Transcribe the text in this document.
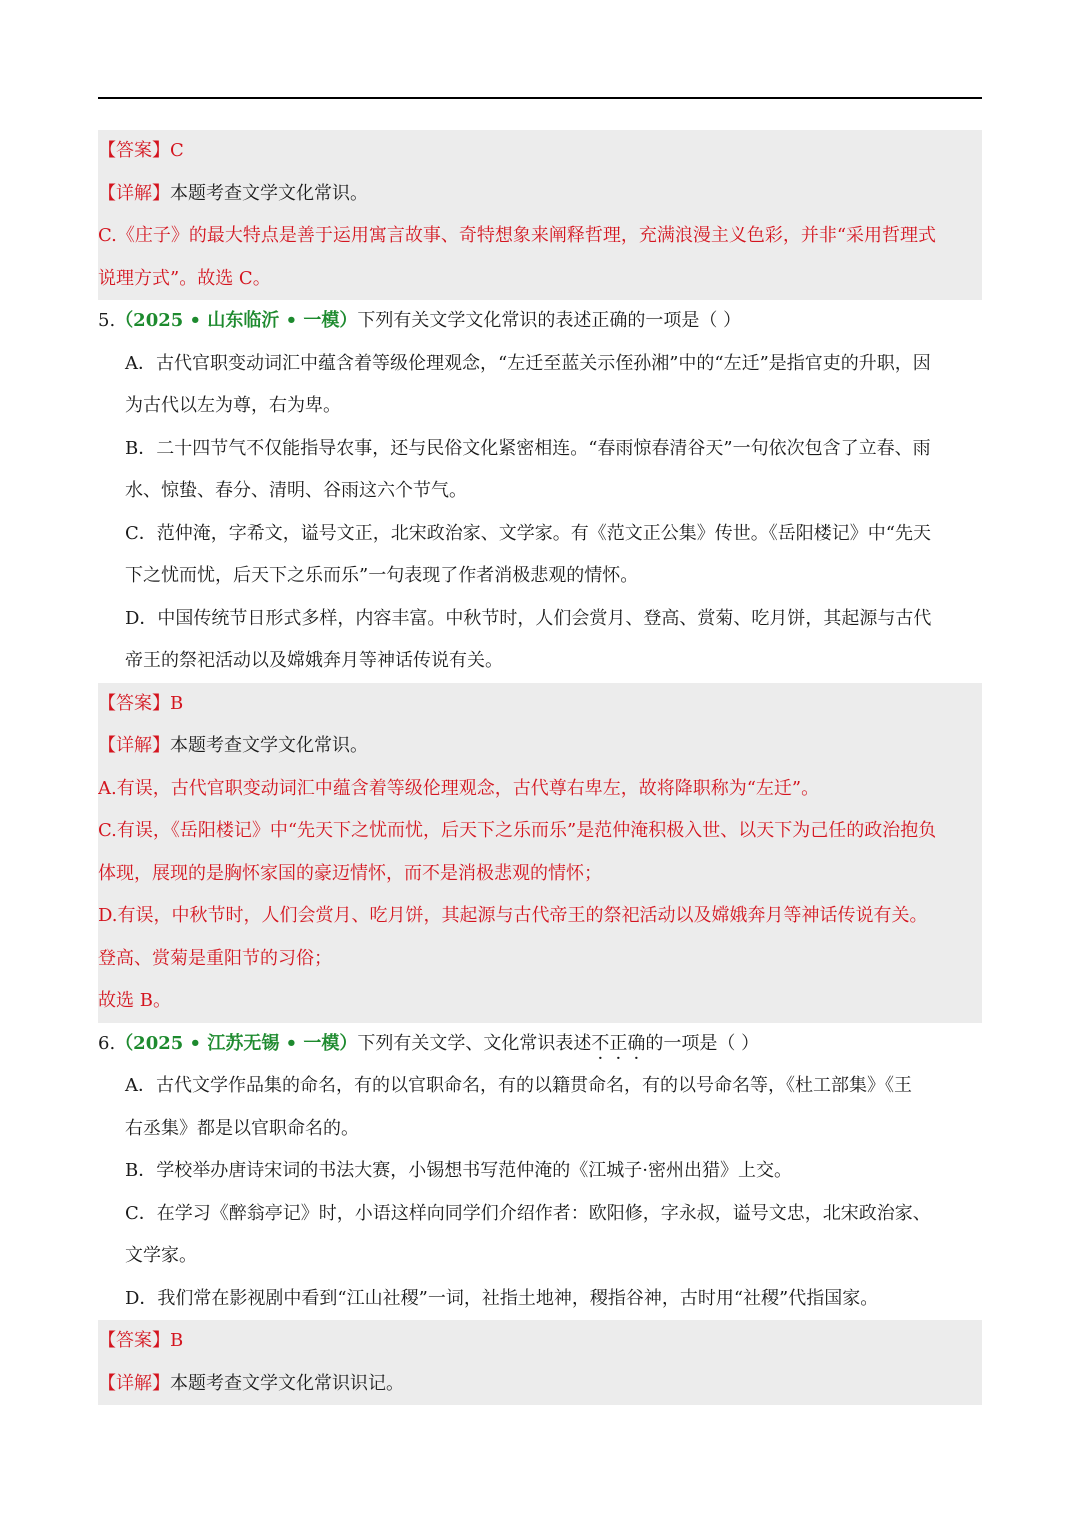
【答案】C
【详解】本题考查文学文化常识。
C.《庄子》的最大特点是善于运用寓言故事、奇特想象来阐释哲理，充满浪漫主义色彩，并非“采用哲理式
说理方式”。故选 C。
5.（2025 • 山东临沂 • 一模）下列有关文学文化常识的表述正确的一项是（ ）
A．古代官职变动词汇中蕴含着等级伦理观念，“左迁至蓝关示侄孙湘”中的“左迁”是指官吏的升职，因
为古代以左为尊，右为卑。
B．二十四节气不仅能指导农事，还与民俗文化紧密相连。“春雨惊春清谷天”一句依次包含了立春、雨
水、惊蛰、春分、清明、谷雨这六个节气。
C．范仲淹，字希文，谥号文正，北宋政治家、文学家。有《范文正公集》传世。《岳阳楼记》中“先天
下之忧而忧，后天下之乐而乐”一句表现了作者消极悲观的情怀。
D．中国传统节日形式多样，内容丰富。中秋节时，人们会赏月、登高、赏菊、吃月饼，其起源与古代
帝王的祭祀活动以及嫦娥奔月等神话传说有关。
【答案】B
【详解】本题考查文学文化常识。
A.有误，古代官职变动词汇中蕴含着等级伦理观念，古代尊右卑左，故将降职称为“左迁”。
C.有误，《岳阳楼记》中“先天下之忧而忧，后天下之乐而乐”是范仲淹积极入世、以天下为己任的政治抱负
体现，展现的是胸怀家国的豪迈情怀，而不是消极悲观的情怀；
D.有误，中秋节时，人们会赏月、吃月饼，其起源与古代帝王的祭祀活动以及嫦娥奔月等神话传说有关。
登高、赏菊是重阳节的习俗；
故选 B。
6.（2025 • 江苏无锡 • 一模）下列有关文学、文化常识表述不正确的一项是（ ）
A．古代文学作品集的命名，有的以官职命名，有的以籍贯命名，有的以号命名等，《杜工部集》《王
右丞集》都是以官职命名的。
B．学校举办唐诗宋词的书法大赛，小锡想书写范仲淹的《江城子·密州出猎》上交。
C．在学习《醉翁亭记》时，小语这样向同学们介绍作者：欧阳修，字永叔，谥号文忠，北宋政治家、
文学家。
D．我们常在影视剧中看到“江山社稷”一词，社指土地神，稷指谷神，古时用“社稷”代指国家。
【答案】B
【详解】本题考查文学文化常识识记。
